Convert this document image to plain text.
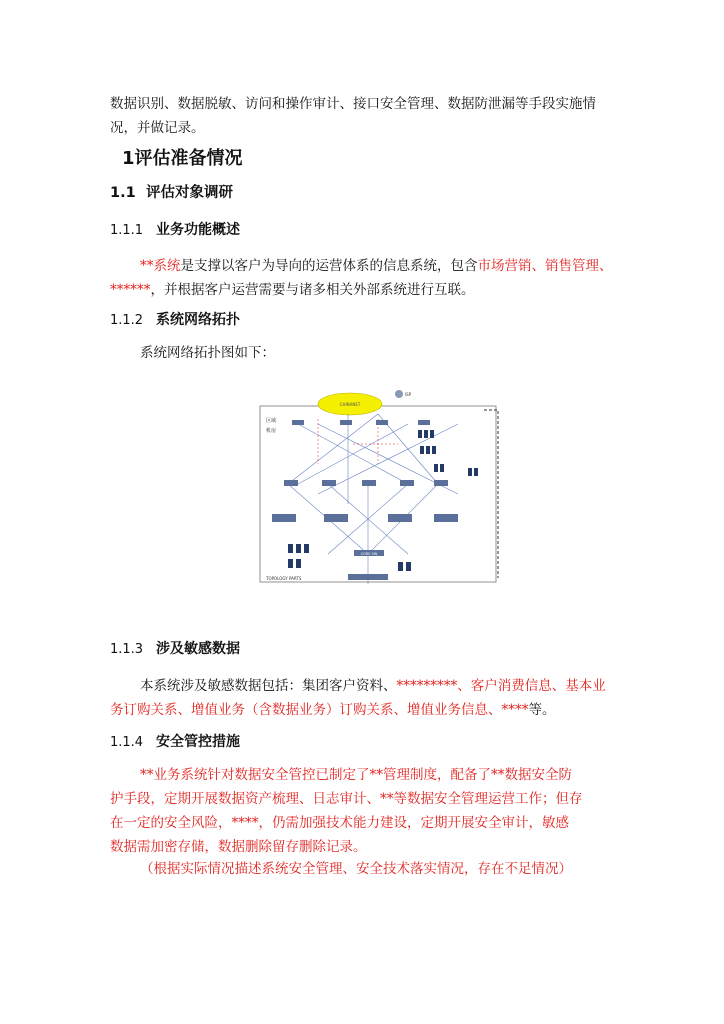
数据识别、数据脱敏、访问和操作审计、接口安全管理、数据防泄漏等手段实施情
况，并做记录。
1评估准备情况
1.1 评估对象调研
1.1.1 业务功能概述
**系统是支撑以客户为导向的运营体系的信息系统，包含市场营销、销售管理、******，并根据客户运营需要与诸多相关外部系统进行互联。
1.1.2 系统网络拓扑
系统网络拓扑图如下：
CHINANET
ISP
区域
机房
CORE SW
TOPOLOGY PARTS
1.1.3 涉及敏感数据
本系统涉及敏感数据包括：集团客户资料、*********、客户消费信息、基本业务订购关系、增值业务（含数据业务）订购关系、增值业务信息、****等。
1.1.4 安全管控措施
**业务系统针对数据安全管控已制定了**管理制度，配备了**数据安全防
护手段，定期开展数据资产梳理、日志审计、**等数据安全管理运营工作；但存
在一定的安全风险，****，仍需加强技术能力建设，定期开展安全审计，敏感
数据需加密存储，数据删除留存删除记录。
（根据实际情况描述系统安全管理、安全技术落实情况，存在不足情况）
